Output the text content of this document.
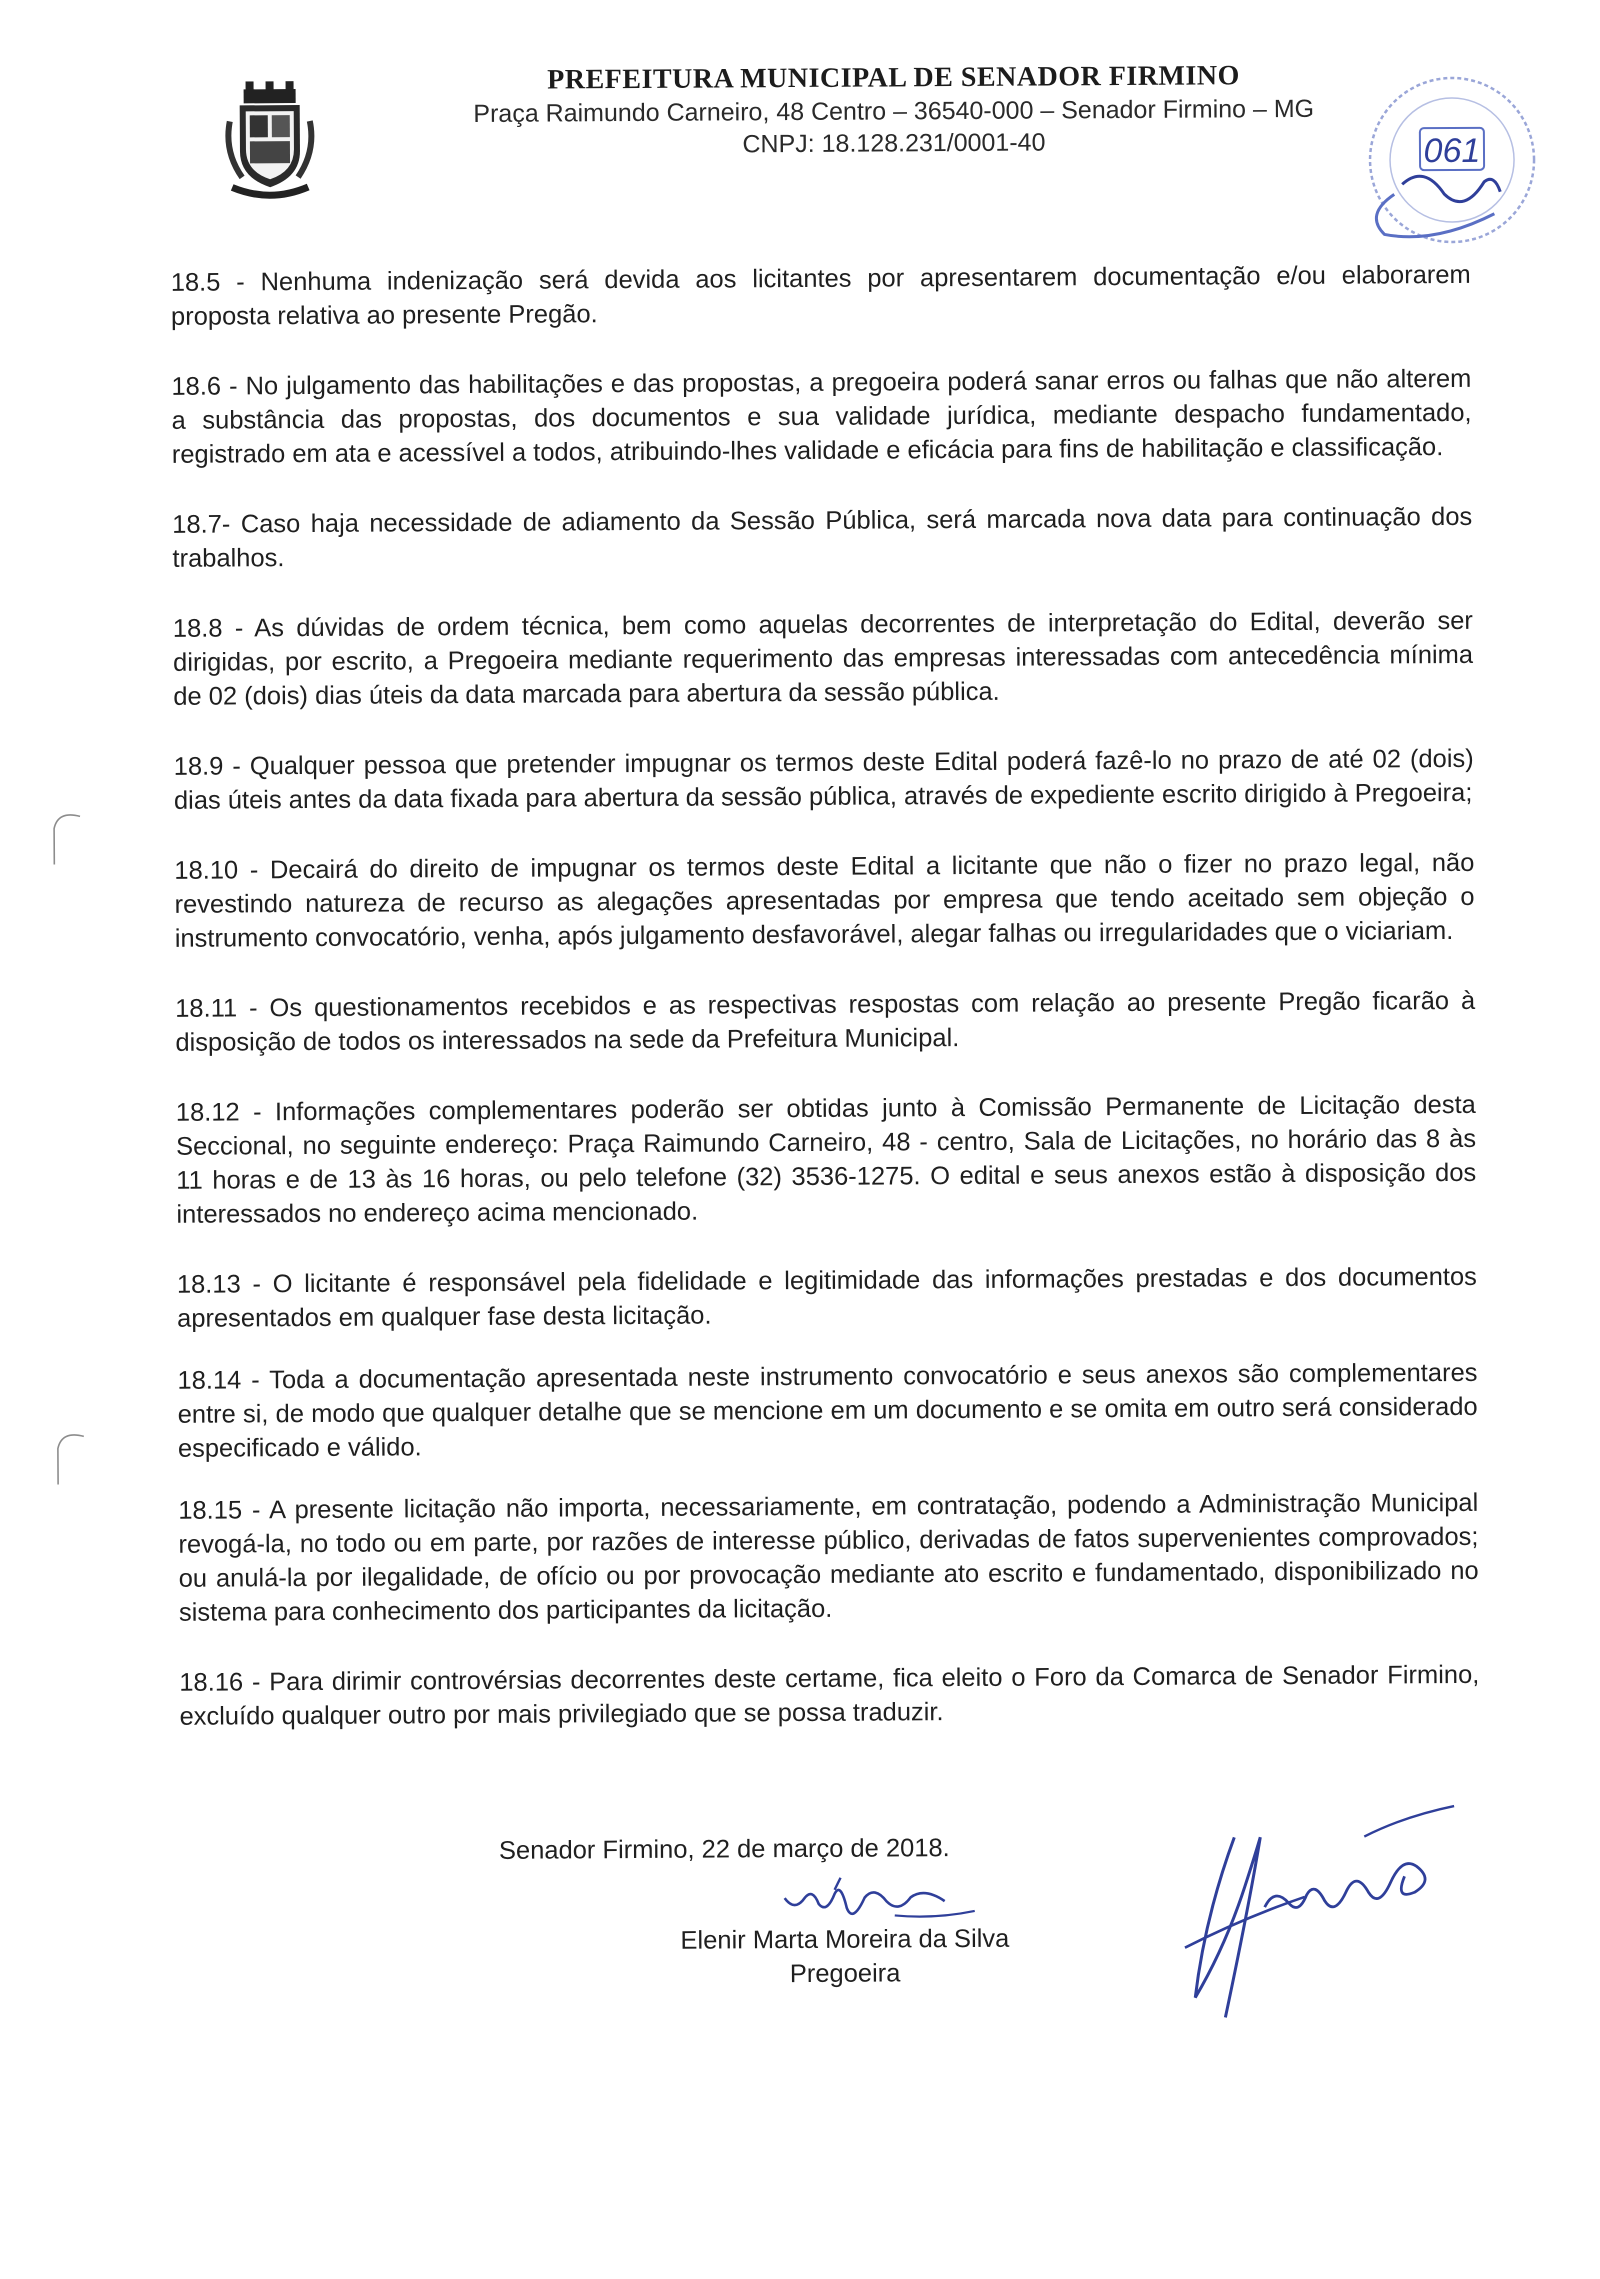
PREFEITURA MUNICIPAL DE SENADOR FIRMINO

Praça Raimundo Carneiro, 48 Centro – 36540-000 – Senador Firmino – MG

CNPJ: 18.128.231/0001-40	061

18.5 - Nenhuma indenização será devida aos licitantes por apresentarem documentação e/ou elaborarem proposta relativa ao presente Pregão.

18.6 - No julgamento das habilitações e das propostas, a pregoeira poderá sanar erros ou falhas que não alterem a substância das propostas, dos documentos e sua validade jurídica, mediante despacho fundamentado, registrado em ata e acessível a todos, atribuindo-lhes validade e eficácia para fins de habilitação e classificação.

18.7- Caso haja necessidade de adiamento da Sessão Pública, será marcada nova data para continuação dos trabalhos.

18.8 - As dúvidas de ordem técnica, bem como aquelas decorrentes de interpretação do Edital, deverão ser dirigidas, por escrito, a Pregoeira mediante requerimento das empresas interessadas com antecedência mínima de 02 (dois) dias úteis da data marcada para abertura da sessão pública.

18.9 - Qualquer pessoa que pretender impugnar os termos deste Edital poderá fazê-lo no prazo de até 02 (dois) dias úteis antes da data fixada para abertura da sessão pública, através de expediente escrito dirigido à Pregoeira;

18.10 - Decairá do direito de impugnar os termos deste Edital a licitante que não o fizer no prazo legal, não revestindo natureza de recurso as alegações apresentadas por empresa que tendo aceitado sem objeção o instrumento convocatório, venha, após julgamento desfavorável, alegar falhas ou irregularidades que o viciariam.

18.11 - Os questionamentos recebidos e as respectivas respostas com relação ao presente Pregão ficarão à disposição de todos os interessados na sede da Prefeitura Municipal.

18.12 - Informações complementares poderão ser obtidas junto à Comissão Permanente de Licitação desta Seccional, no seguinte endereço: Praça Raimundo Carneiro, 48 - centro, Sala de Licitações, no horário das 8 às 11 horas e de 13 às 16 horas, ou pelo telefone (32) 3536-1275. O edital e seus anexos estão à disposição dos interessados no endereço acima mencionado.

18.13 - O licitante é responsável pela fidelidade e legitimidade das informações prestadas e dos documentos apresentados em qualquer fase desta licitação.

18.14 - Toda a documentação apresentada neste instrumento convocatório e seus anexos são complementares entre si, de modo que qualquer detalhe que se mencione em um documento e se omita em outro será considerado especificado e válido.

18.15 - A presente licitação não importa, necessariamente, em contratação, podendo a Administração Municipal revogá-la, no todo ou em parte, por razões de interesse público, derivadas de fatos supervenientes comprovados; ou anulá-la por ilegalidade, de ofício ou por provocação mediante ato escrito e fundamentado, disponibilizado no sistema para conhecimento dos participantes da licitação.

18.16 - Para dirimir controvérsias decorrentes deste certame, fica eleito o Foro da Comarca de Senador Firmino, excluído qualquer outro por mais privilegiado que se possa traduzir.

Senador Firmino, 22 de março de 2018.
Elenir Marta Moreira da Silva
Pregoeira
